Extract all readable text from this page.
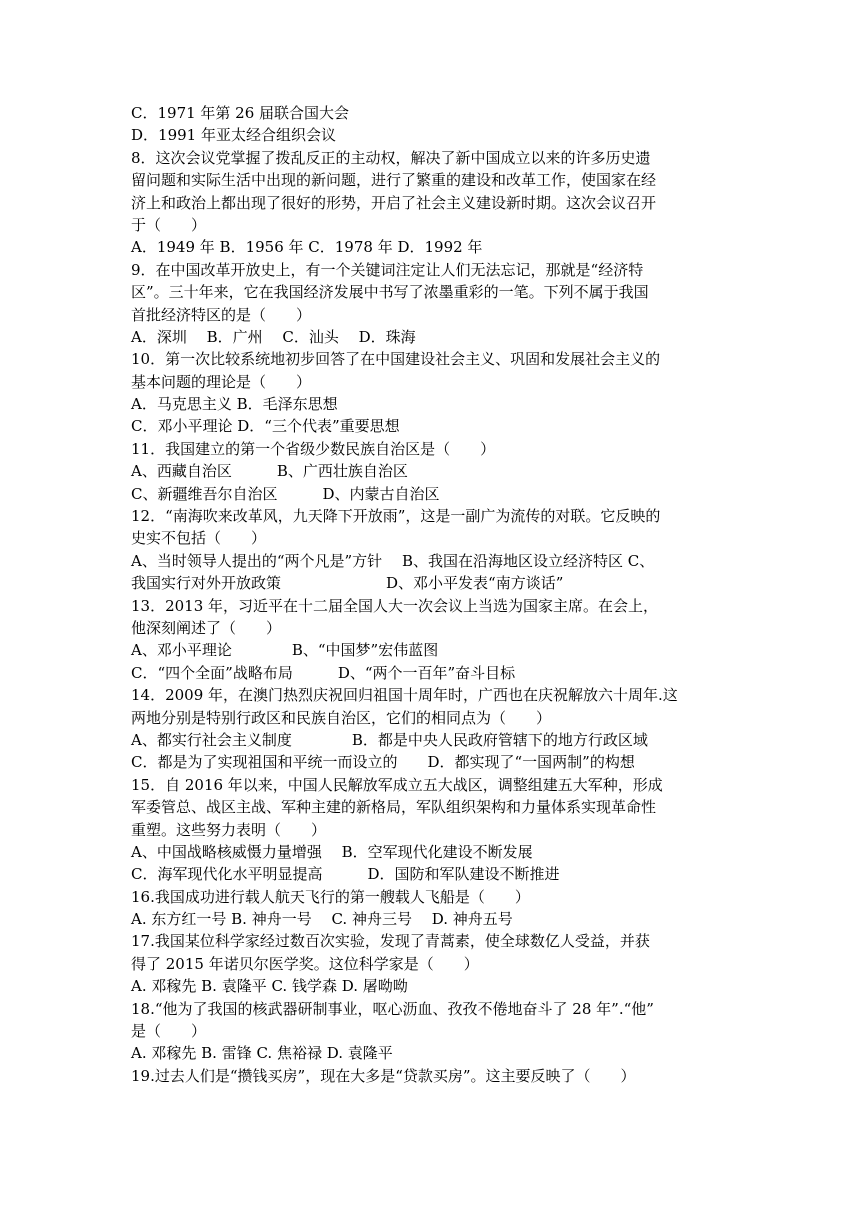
C．1971 年第 26 届联合国大会
D．1991 年亚太经合组织会议
8．这次会议党掌握了拨乱反正的主动权，解决了新中国成立以来的许多历史遗
留问题和实际生活中出现的新问题，进行了繁重的建设和改革工作，使国家在经
济上和政治上都出现了很好的形势，开启了社会主义建设新时期。这次会议召开
于（　　）
A．1949 年 B．1956 年 C．1978 年 D．1992 年
9．在中国改革开放史上，有一个关键词注定让人们无法忘记，那就是“经济特
区”。三十年来，它在我国经济发展中书写了浓墨重彩的一笔。下列不属于我国
首批经济特区的是（　　）
A．深圳　 B．广州　 C．汕头　 D．珠海
10．第一次比较系统地初步回答了在中国建设社会主义、巩固和发展社会主义的
基本问题的理论是（　　）
A．马克思主义 B．毛泽东思想
C．邓小平理论 D．“三个代表”重要思想
11．我国建立的第一个省级少数民族自治区是（　　）
A、西藏自治区　　　B、广西壮族自治区
C、新疆维吾尔自治区　　　D、内蒙古自治区
12．“南海吹来改革风，九天降下开放雨”，这是一副广为流传的对联。它反映的
史实不包括（　　）
A、当时领导人提出的“两个凡是”方针　 B、我国在沿海地区设立经济特区 C、
我国实行对外开放政策　　　　　　　D、邓小平发表“南方谈话”
13．2013 年，习近平在十二届全国人大一次会议上当选为国家主席。在会上，
他深刻阐述了（　　）
A、邓小平理论　　　　B、“中国梦”宏伟蓝图
C．“四个全面”战略布局　　　D、“两个一百年”奋斗目标
14．2009 年，在澳门热烈庆祝回归祖国十周年时，广西也在庆祝解放六十周年.这
两地分别是特别行政区和民族自治区，它们的相同点为（　　）
A、都实行社会主义制度　　　　B．都是中央人民政府管辖下的地方行政区域
C．都是为了实现祖国和平统一而设立的　　D．都实现了“一国两制”的构想
15．自 2016 年以来，中国人民解放军成立五大战区，调整组建五大军种，形成
军委管总、战区主战、军种主建的新格局，军队组织架构和力量体系实现革命性
重塑。这些努力表明（　　）
A、中国战略核威慑力量增强　 B．空军现代化建设不断发展
C．海军现代化水平明显提高　　　D．国防和军队建设不断推进
16.我国成功进行载人航天飞行的第一艘载人飞船是（　　）
A. 东方红一号 B. 神舟一号　 C. 神舟三号　 D. 神舟五号
17.我国某位科学家经过数百次实验，发现了青蒿素，使全球数亿人受益，并获
得了 2015 年诺贝尔医学奖。这位科学家是（　　）
A. 邓稼先 B. 袁隆平 C. 钱学森 D. 屠呦呦
18.“他为了我国的核武器研制事业，呕心沥血、孜孜不倦地奋斗了 28 年”.“他”
是（　　）
A. 邓稼先 B. 雷锋 C. 焦裕禄 D. 袁隆平
19.过去人们是“攒钱买房”，现在大多是“贷款买房”。这主要反映了（　　）
